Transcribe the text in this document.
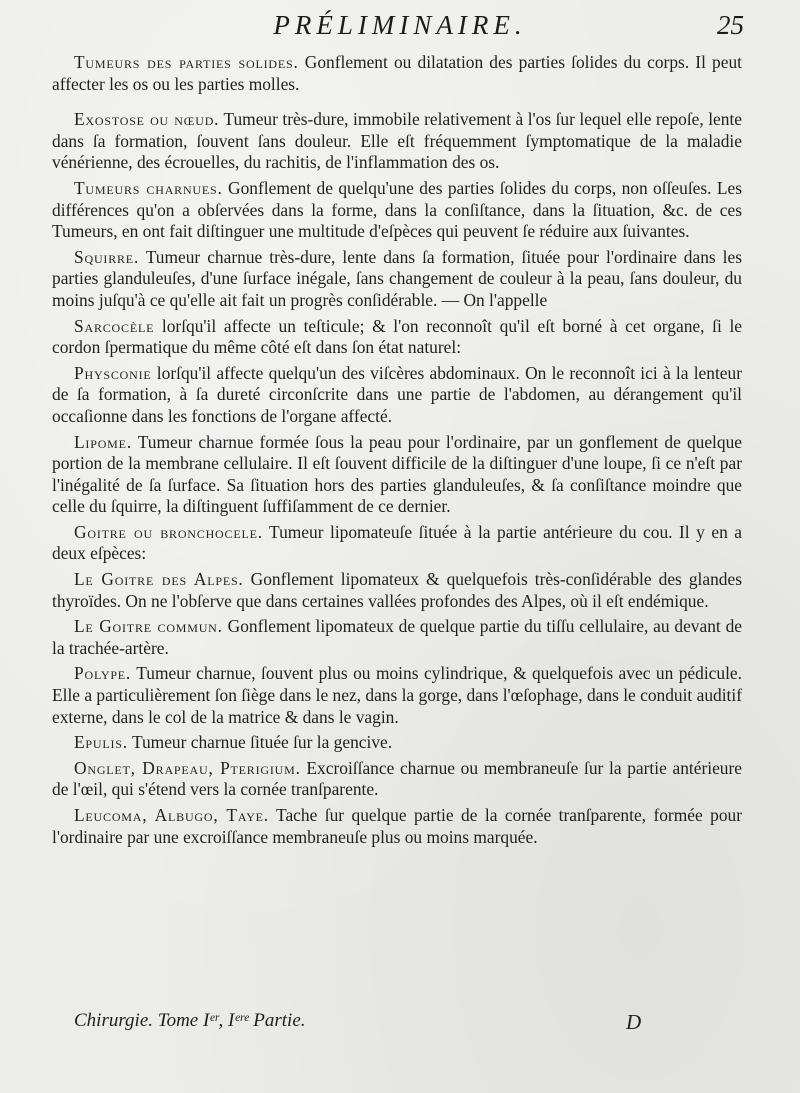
PRÉLIMINAIRE.	25

Tumeurs des parties solides. Gonflement ou dilatation des parties ſolides du corps. Il peut affecter les os ou les parties molles.

Exostose ou nœud. Tumeur très-dure, immobile relativement à l'os ſur lequel elle repoſe, lente dans ſa formation, ſouvent ſans douleur. Elle eſt fréquemment ſymptomatique de la maladie vénérienne, des écrouelles, du rachitis, de l'inflammation des os.

Tumeurs charnues. Gonflement de quelqu'une des parties ſolides du corps, non oſſeuſes. Les différences qu'on a obſervées dans la forme, dans la conſiſtance, dans la ſituation, &c. de ces Tumeurs, en ont fait diſtinguer une multitude d'eſpèces qui peuvent ſe réduire aux ſuivantes.

Squirre. Tumeur charnue très-dure, lente dans ſa formation, ſituée pour l'ordinaire dans les parties glanduleuſes, d'une ſurface inégale, ſans changement de couleur à la peau, ſans douleur, du moins juſqu'à ce qu'elle ait fait un progrès conſidérable. — On l'appelle

Sarcocèle lorſqu'il affecte un teſticule; & l'on reconnoît qu'il eſt borné à cet organe, ſi le cordon ſpermatique du même côté eſt dans ſon état naturel:

Physconie lorſqu'il affecte quelqu'un des viſcères abdominaux. On le reconnoît ici à la lenteur de ſa formation, à ſa dureté circonſcrite dans une partie de l'abdomen, au dérangement qu'il occaſionne dans les fonctions de l'organe affecté.

Lipome. Tumeur charnue formée ſous la peau pour l'ordinaire, par un gonflement de quelque portion de la membrane cellulaire. Il eſt ſouvent difficile de la diſtinguer d'une loupe, ſi ce n'eſt par l'inégalité de ſa ſurface. Sa ſituation hors des parties glanduleuſes, & ſa conſiſtance moindre que celle du ſquirre, la diſtinguent ſuffiſamment de ce dernier.

Goitre ou bronchocele. Tumeur lipomateuſe ſituée à la partie antérieure du cou. Il y en a deux eſpèces:

Le Goitre des Alpes. Gonflement lipomateux & quelquefois très-conſidérable des glandes thyroïdes. On ne l'obſerve que dans certaines vallées profondes des Alpes, où il eſt endémique.

Le Goitre commun. Gonflement lipomateux de quelque partie du tiſſu cellulaire, au devant de la trachée-artère.

Polype. Tumeur charnue, ſouvent plus ou moins cylindrique, & quelquefois avec un pédicule. Elle a particulièrement ſon ſiège dans le nez, dans la gorge, dans l'œſophage, dans le conduit auditif externe, dans le col de la matrice & dans le vagin.

Epulis. Tumeur charnue ſituée ſur la gencive.

Onglet, Drapeau, Pterigium. Excroiſſance charnue ou membraneuſe ſur la partie antérieure de l'œil, qui s'étend vers la cornée tranſparente.

Leucoma, Albugo, Taye. Tache ſur quelque partie de la cornée tranſparente, formée pour l'ordinaire par une excroiſſance membraneuſe plus ou moins marquée.

Chirurgie. Tome Iᵉʳ, Iᵉʳᵉ Partie.	D
